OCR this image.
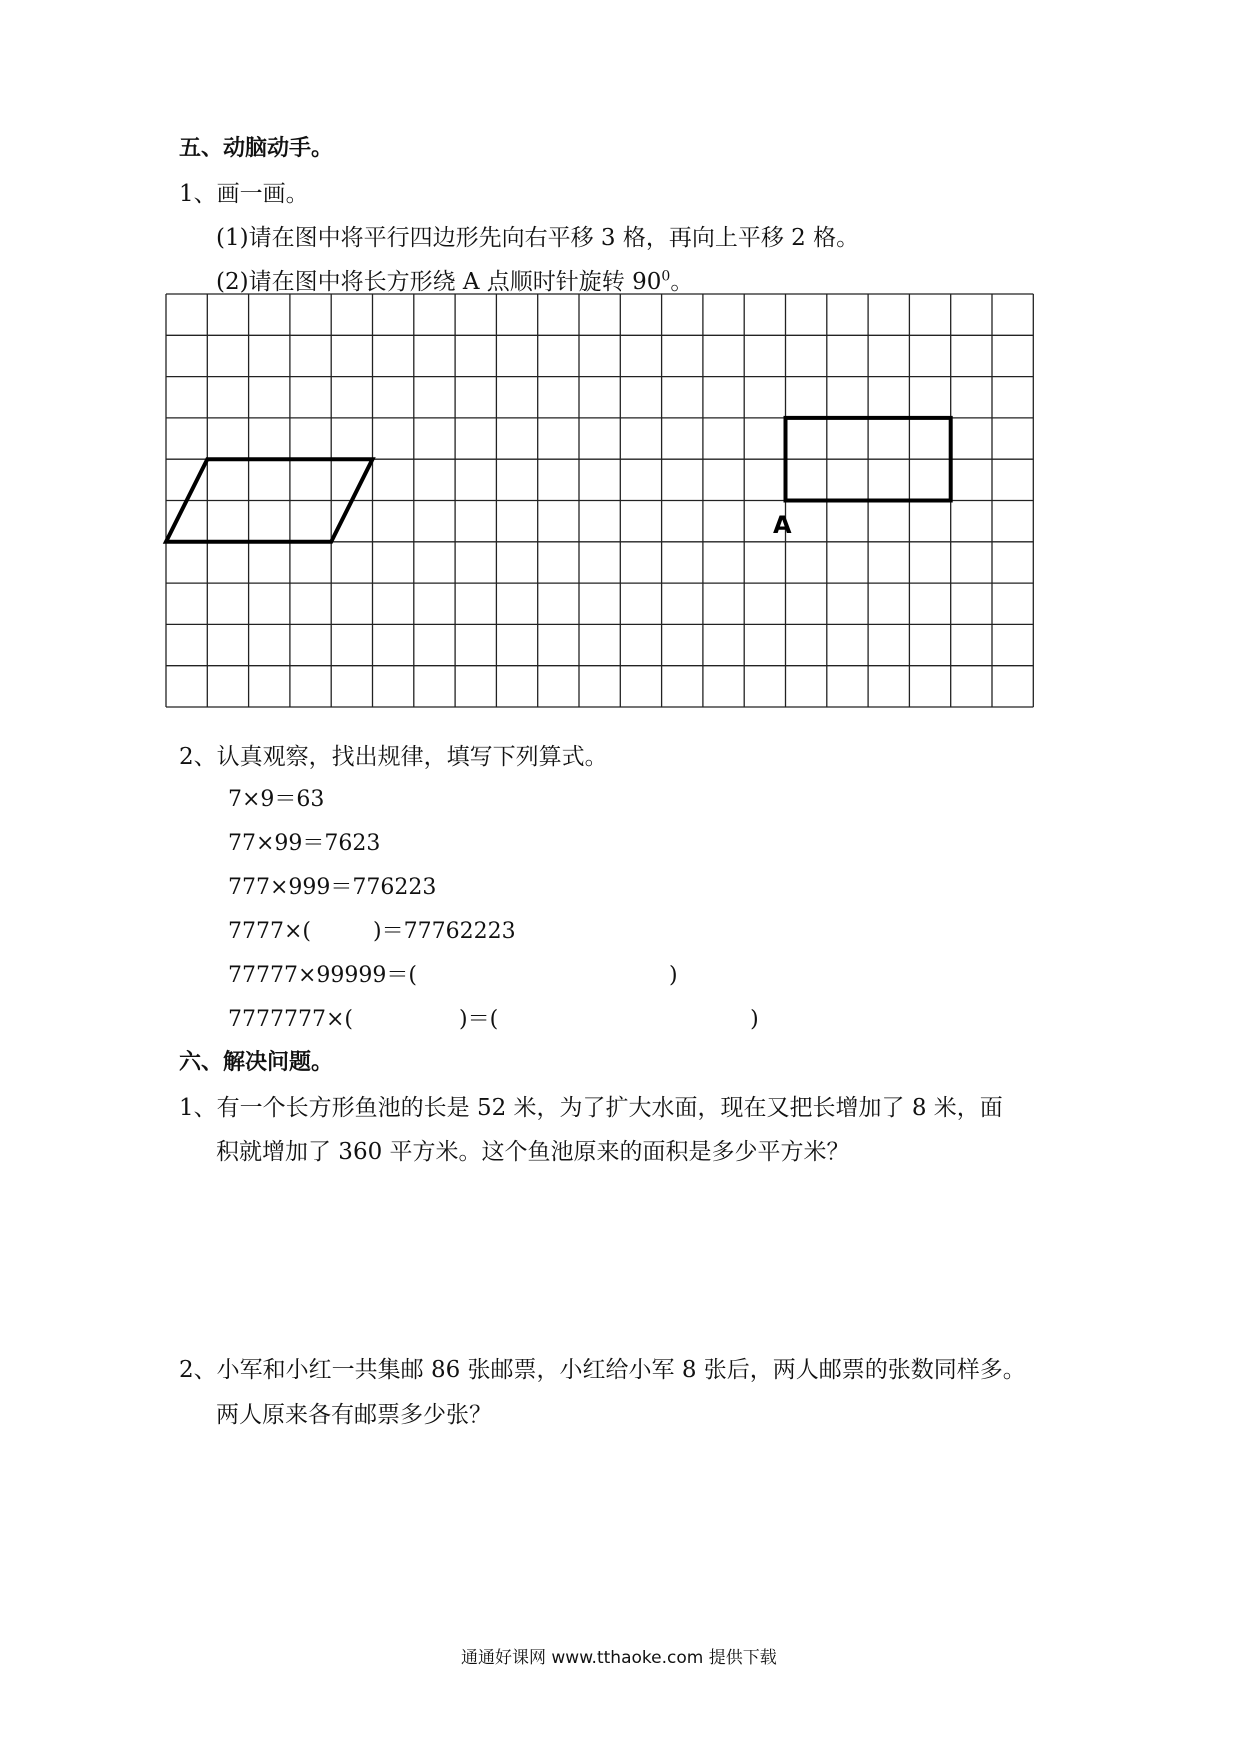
五、动脑动手。
1、画一画。
(1)请在图中将平行四边形先向右平移 3 格，再向上平移 2 格。
(2)请在图中将长方形绕 A 点顺时针旋转 $90^0$。
A
2、认真观察，找出规律，填写下列算式。
7×9＝63
77×99＝7623
777×999＝776223
7777×(	)＝77762223
77777×99999＝(	)
7777777×(	)＝(	)
六、解决问题。
1、有一个长方形鱼池的长是 52 米，为了扩大水面，现在又把长增加了 8 米，面
积就增加了 360 平方米。这个鱼池原来的面积是多少平方米？
2、小军和小红一共集邮 86 张邮票，小红给小军 8 张后，两人邮票的张数同样多。
两人原来各有邮票多少张？
通通好课网 www.tthaoke.com 提供下载
